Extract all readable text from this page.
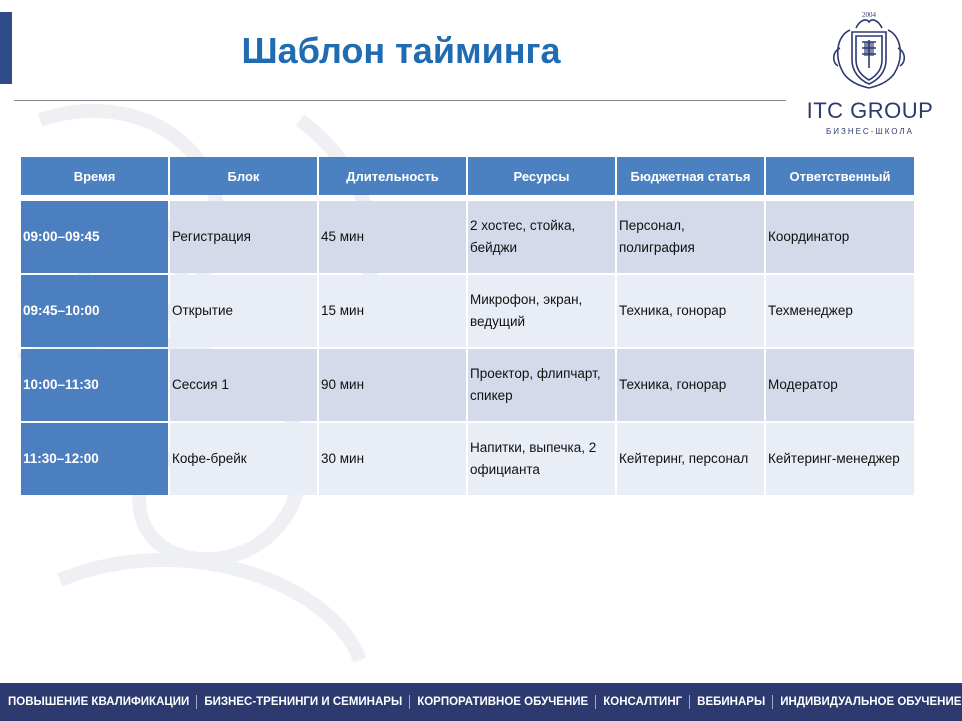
Шаблон тайминга
2004
ITC GROUP
БИЗНЕС-ШКОЛА
Время	Блок	Длительность	Ресурсы	Бюджетная статья	Ответственный

09:00–09:45	Регистрация	45 мин	2 хостес, стойка, бейджи	Персонал, полиграфия	Координатор
09:45–10:00	Открытие	15 мин	Микрофон, экран, ведущий	Техника, гонорар	Техменеджер
10:00–11:30	Сессия 1	90 мин	Проектор, флипчарт, спикер	Техника, гонорар	Модератор
11:30–12:00	Кофе-брейк	30 мин	Напитки, выпечка, 2 официанта	Кейтеринг, персонал	Кейтеринг-менеджер
ПОВЫШЕНИЕ КВАЛИФИКАЦИИ	БИЗНЕС-ТРЕНИНГИ И СЕМИНАРЫ	КОРПОРАТИВНОЕ ОБУЧЕНИЕ	КОНСАЛТИНГ	ВЕБИНАРЫ	ИНДИВИДУАЛЬНОЕ ОБУЧЕНИЕ
